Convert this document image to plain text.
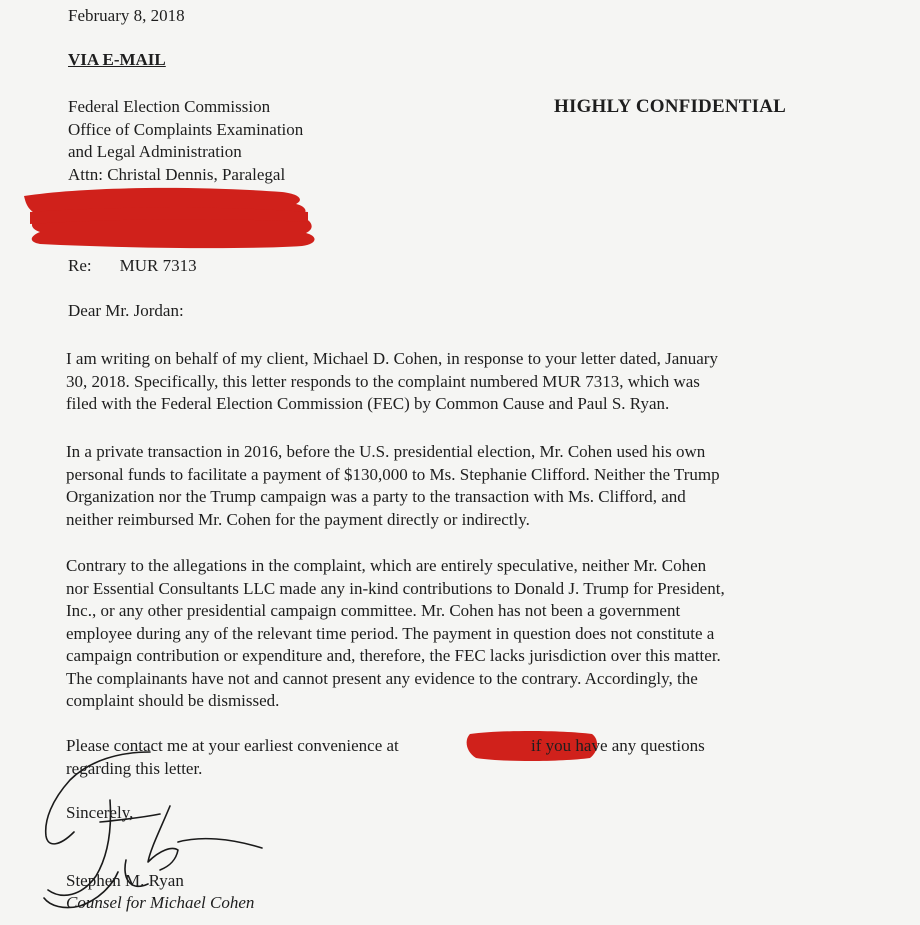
February 8, 2018
VIA E-MAIL
Federal Election Commission
Office of Complaints Examination
and Legal Administration
Attn: Christal Dennis, Paralegal
HIGHLY CONFIDENTIAL
Re: MUR 7313
Dear Mr. Jordan:
I am writing on behalf of my client, Michael D. Cohen, in response to your letter dated, January
30, 2018. Specifically, this letter responds to the complaint numbered MUR 7313, which was
filed with the Federal Election Commission (FEC) by Common Cause and Paul S. Ryan.
In a private transaction in 2016, before the U.S. presidential election, Mr. Cohen used his own
personal funds to facilitate a payment of $130,000 to Ms. Stephanie Clifford. Neither the Trump
Organization nor the Trump campaign was a party to the transaction with Ms. Clifford, and
neither reimbursed Mr. Cohen for the payment directly or indirectly.
Contrary to the allegations in the complaint, which are entirely speculative, neither Mr. Cohen
nor Essential Consultants LLC made any in-kind contributions to Donald J. Trump for President,
Inc., or any other presidential campaign committee. Mr. Cohen has not been a government
employee during any of the relevant time period. The payment in question does not constitute a
campaign contribution or expenditure and, therefore, the FEC lacks jurisdiction over this matter.
The complainants have not and cannot present any evidence to the contrary. Accordingly, the
complaint should be dismissed.
Please contact me at your earliest convenience at	if you have any questions
regarding this letter.
Sincerely,
Stephen M. Ryan
Counsel for Michael Cohen
